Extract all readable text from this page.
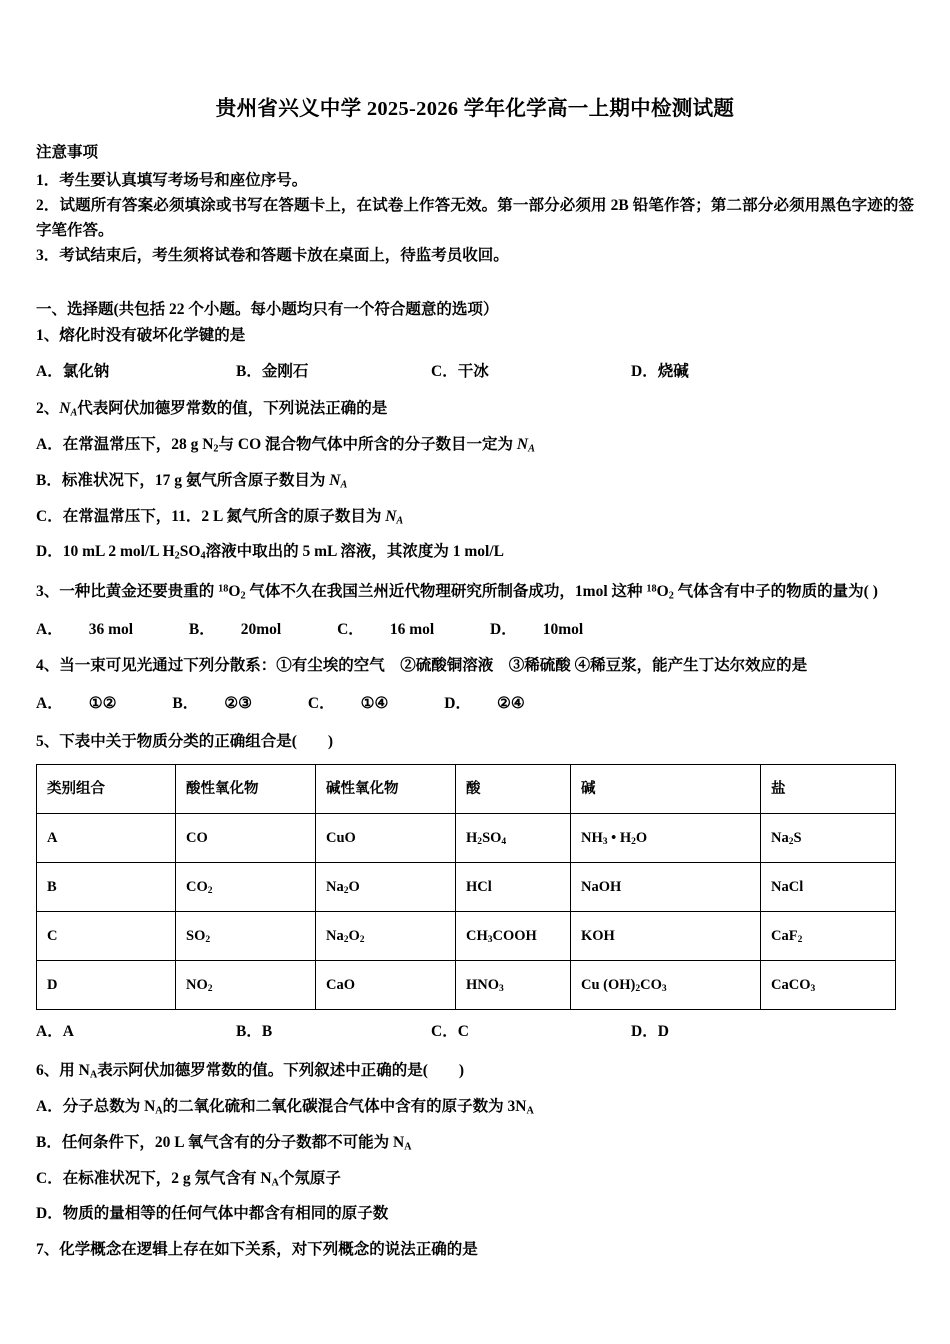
贵州省兴义中学 2025-2026 学年化学高一上期中检测试题

注意事项

1．考生要认真填写考场号和座位序号。

2．试题所有答案必须填涂或书写在答题卡上，在试卷上作答无效。第一部分必须用 2B 铅笔作答；第二部分必须用黑色字迹的签字笔作答。

3．考试结束后，考生须将试卷和答题卡放在桌面上，待监考员收回。

一、选择题(共包括 22 个小题。每小题均只有一个符合题意的选项）

1、熔化时没有破坏化学键的是

A．氯化钠	B．金刚石	C．干冰	D．烧碱

2、$N_A$代表阿伏加德罗常数的值，下列说法正确的是

A．在常温常压下，28 g $N_2$与 CO 混合物气体中所含的分子数目一定为 $N_A$

B．标准状况下，17 g 氨气所含原子数目为 $N_A$

C．在常温常压下，11．2 L 氮气所含的原子数目为 $N_A$

D．10 mL 2 mol/L $H_2SO_4$溶液中取出的 5 mL 溶液，其浓度为 1 mol/L

3、一种比黄金还要贵重的 $^{18}O_2$ 气体不久在我国兰州近代物理研究所制备成功，1mol 这种 $^{18}O_2$ 气体含有中子的物质的量为( )

A． 36 mol	B． 20mol	C． 16 mol	D． 10mol

4、当一束可见光通过下列分散系：①有尘埃的空气　②硫酸铜溶液　③稀硫酸 ④稀豆浆，能产生丁达尔效应的是

A． ①②	B． ②③	C． ①④	D． ②④

5、下表中关于物质分类的正确组合是(　　)

类别组合	酸性氧化物	碱性氧化物	酸	碱	盐
A	CO	CuO	$H_2SO_4$	$NH_3$ • $H_2O$	$Na_2S$
B	$CO_2$	$Na_2O$	HCl	NaOH	NaCl
C	$SO_2$	$Na_2O_2$	$CH_3COOH$	KOH	CaF$_2$
D	$NO_2$	CaO	$HNO_3$	Cu $(OH)_2CO_3$	CaCO$_3$

A．A	B．B	C．C	D．D

6、用 $N_A$表示阿伏加德罗常数的值。下列叙述中正确的是(　　)

A．分子总数为 $N_A$的二氧化硫和二氧化碳混合气体中含有的原子数为 $3N_A$

B．任何条件下，20 L 氧气含有的分子数都不可能为 $N_A$

C．在标准状况下，2 g 氖气含有 $N_A$个氖原子

D．物质的量相等的任何气体中都含有相同的原子数

7、化学概念在逻辑上存在如下关系，对下列概念的说法正确的是
